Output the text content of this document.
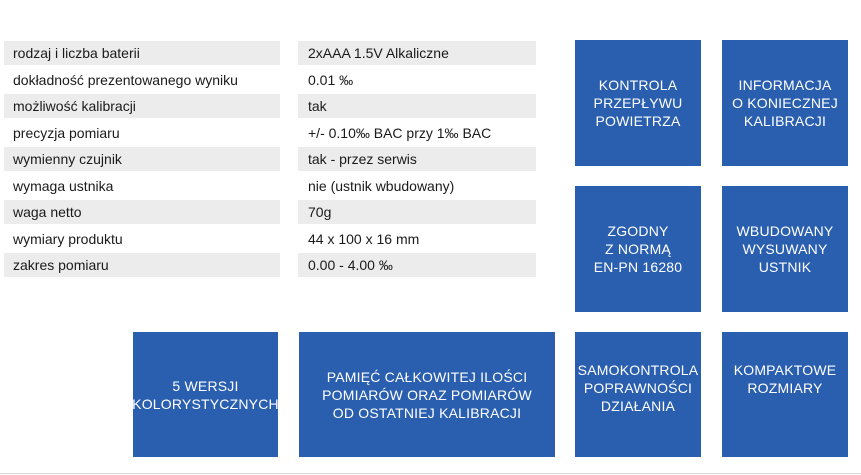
rodzaj i liczba baterii	2xAAA 1.5V Alkaliczne
dokładność prezentowanego wyniku	0.01 ‰
możliwość kalibracji	tak
precyzja pomiaru	+/- 0.10‰ BAC przy 1‰ BAC
wymienny czujnik	tak - przez serwis
wymaga ustnika	nie (ustnik wbudowany)
waga netto	70g
wymiary produktu	44 x 100 x 16 mm
zakres pomiaru	0.00 - 4.00 ‰
KONTROLA
PRZEPŁYWU
POWIETRZA
INFORMACJA
O KONIECZNEJ
KALIBRACJI
ZGODNY
Z NORMĄ
EN-PN 16280
WBUDOWANY
WYSUWANY
USTNIK
5 WERSJI
KOLORYSTYCZNYCH
PAMIĘĆ CAŁKOWITEJ ILOŚCI
POMIARÓW ORAZ POMIARÓW
OD OSTATNIEJ KALIBRACJI
SAMOKONTROLA
POPRAWNOŚCI
DZIAŁANIA
KOMPAKTOWE
ROZMIARY
